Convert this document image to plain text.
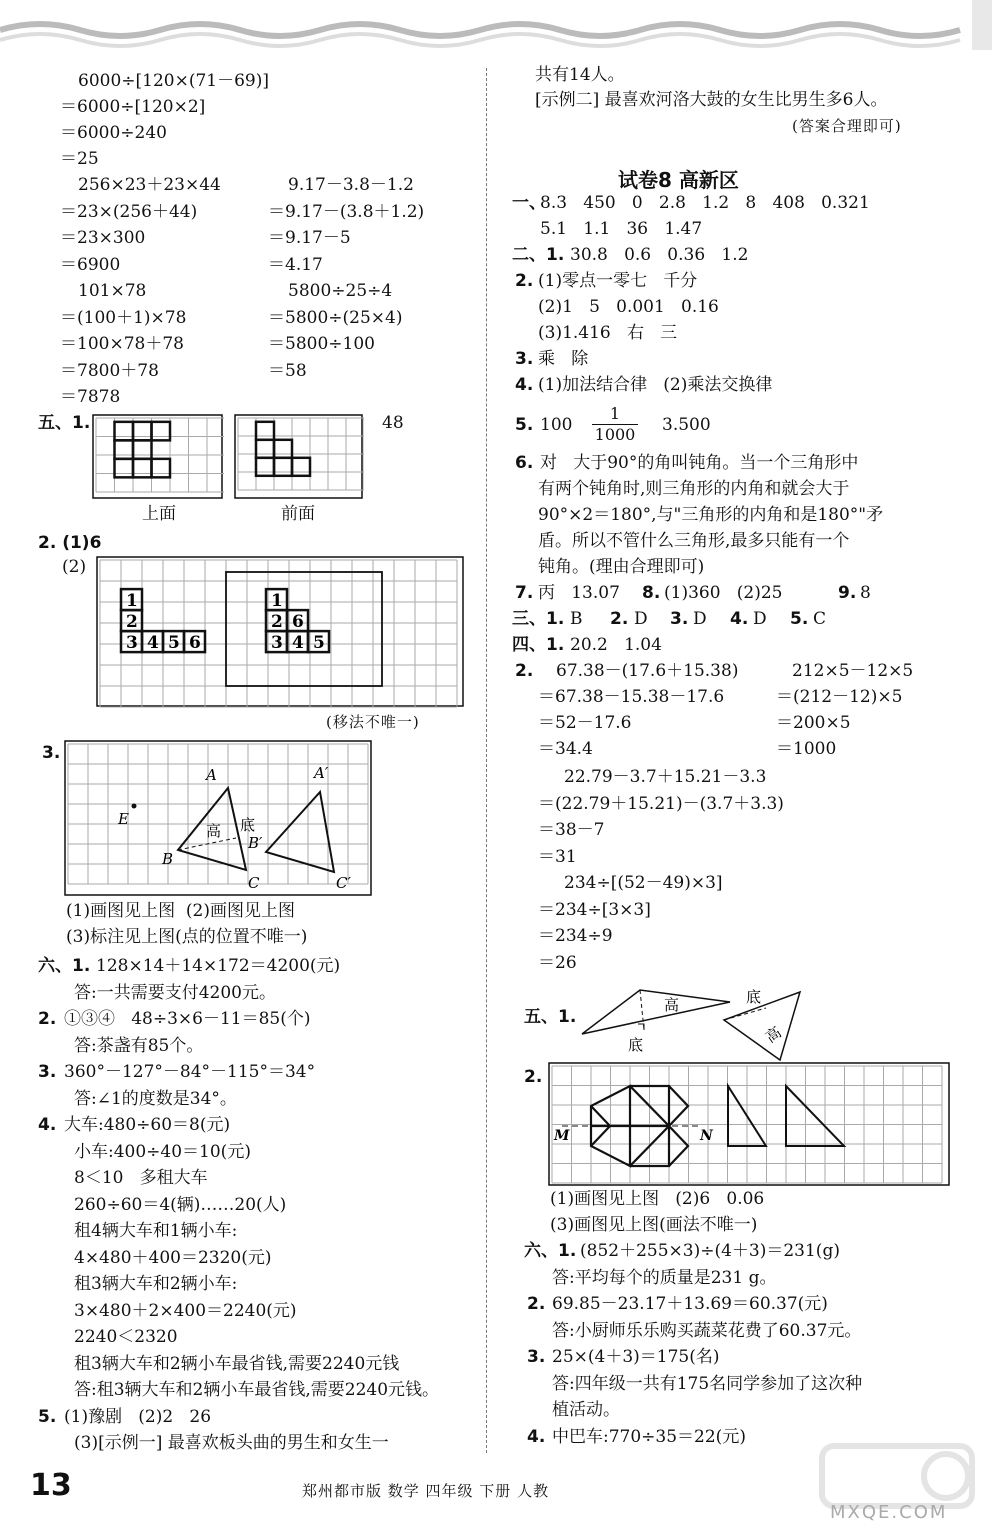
五、1.	48
上面	前面
2. (1)6
(2)
1
2
3 4 5 6
1
2 6
3 4 5
(移法不唯一)
3.
A	A′
E
B
B′
C	C′
高 底
共有14人。
[示例二] 最喜欢河洛大鼓的女生比男生多6人。
(答案合理即可)
试卷8 高新区
5. $100 \frac{1}{1000} 3.500$
7. 丙   13.07 8. (1)360   (2)25	9. 8
三、1. B 2. D 3. D 4. D 5. C
四、1. 20.2   1.04
2.
五、1.
高
底
底
高
2.
M	N
13	郑州都市版 数学 四年级 下册 人教
MXQE.COM
6000÷[120×(71－69)]
＝6000÷[120×2]
＝6000÷240
＝25
256×23＋23×44	9.17－3.8－1.2
＝23×(256＋44)	＝9.17－(3.8＋1.2)
＝23×300	＝9.17－5
＝6900	＝4.17
101×78	5800÷25÷4
＝(100＋1)×78	＝5800÷(25×4)
＝100×78＋78	＝5800÷100
＝7800＋78	＝58
＝7878
(1)画图见上图  (2)画图见上图
(3)标注见上图(点的位置不唯一)
六、1. 128×14＋14×172＝4200(元)
答:一共需要支付4200元。
2. ①③④   48÷3×6－11＝85(个)
答:茶盏有85个。
3. 360°－127°－84°－115°＝34°
答:∠1的度数是34°。
4. 大车:480÷60＝8(元)
小车:400÷40＝10(元)
8＜10   多租大车
260÷60＝4(辆)……20(人)
租4辆大车和1辆小车:
4×480＋400＝2320(元)
租3辆大车和2辆小车:
3×480＋2×400＝2240(元)
2240＜2320
租3辆大车和2辆小车最省钱,需要2240元钱
答:租3辆大车和2辆小车最省钱,需要2240元钱。
5. (1)豫剧   (2)2   26
(3)[示例一] 最喜欢板头曲的男生和女生一
一、
8.3   450   0   2.8   1.2   8   408   0.321
5.1   1.1   36   1.47
二、1. 30.8   0.6   0.36   1.2
2. (1)零点一零七   千分
(2)1   5   0.001   0.16
(3)1.416   右   三
3. 乘   除
4. (1)加法结合律   (2)乘法交换律
6. 对   大于90°的角叫钝角。当一个三角形中
有两个钝角时,则三角形的内角和就会大于
90°×2＝180°,与"三角形的内角和是180°"矛
盾。所以不管什么三角形,最多只能有一个
钝角。(理由合理即可)
67.38－(17.6＋15.38)	212×5－12×5
＝67.38－15.38－17.6	＝(212－12)×5
＝52－17.6	＝200×5
＝34.4	＝1000
22.79－3.7＋15.21－3.3
＝(22.79＋15.21)－(3.7＋3.3)
＝38－7
＝31
234÷[(52－49)×3]
＝234÷[3×3]
＝234÷9
＝26
(1)画图见上图   (2)6   0.06
(3)画图见上图(画法不唯一)
六、1. (852＋255×3)÷(4＋3)＝231(g)
答:平均每个的质量是231 g。
2. 69.85－23.17＋13.69＝60.37(元)
答:小厨师乐乐购买蔬菜花费了60.37元。
3. 25×(4＋3)＝175(名)
答:四年级一共有175名同学参加了这次种
植活动。
4. 中巴车:770÷35＝22(元)
